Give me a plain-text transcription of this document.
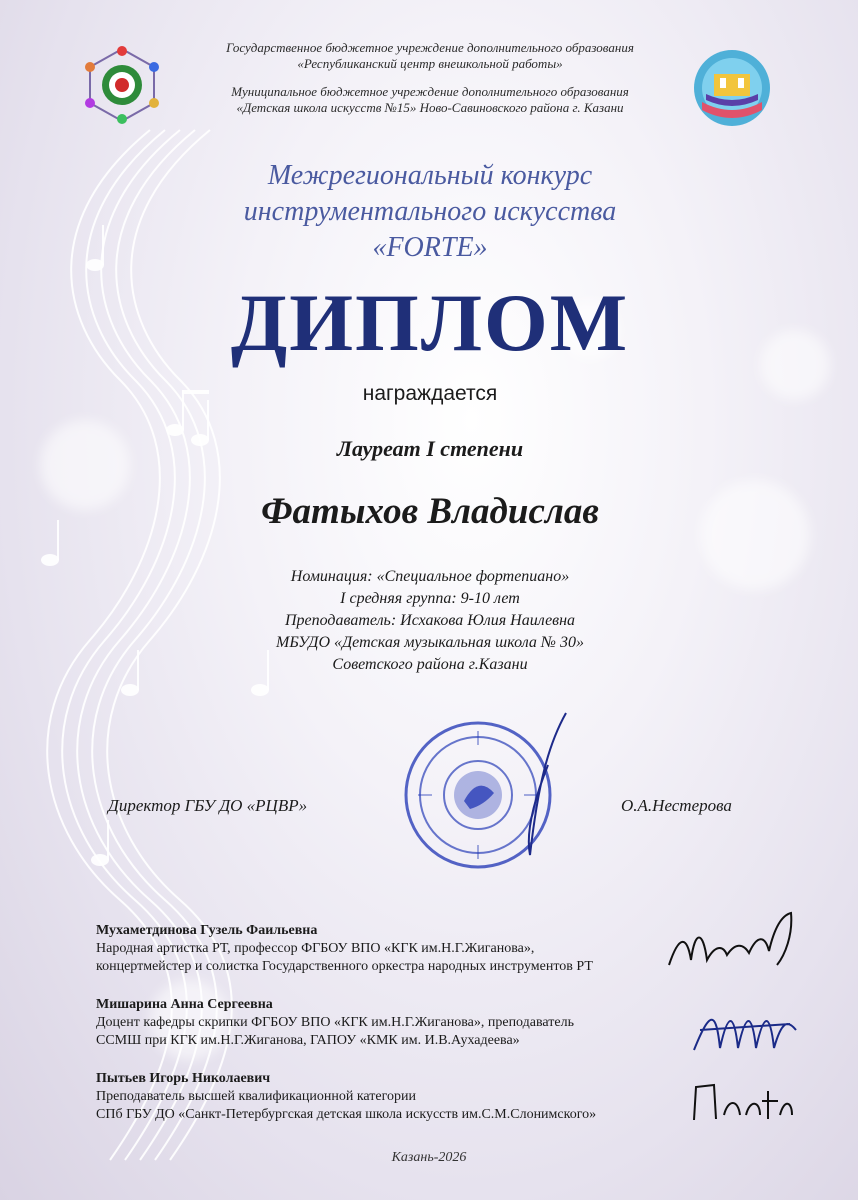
Государственное бюджетное учреждение дополнительного образования
«Республиканский центр внешкольной работы»
Муниципальное бюджетное учреждение дополнительного образования
«Детская школа искусств №15» Ново-Савиновского района г. Казани
Межрегиональный конкурс
инструментального искусства
«FORTE»
ДИПЛОМ
награждается
Лауреат I степени
Фатыхов Владислав
Номинация: «Специальное фортепиано»
I средняя группа: 9-10 лет
Преподаватель: Исхакова Юлия Наилевна
МБУДО «Детская музыкальная школа № 30»
Советского района г.Казани
Директор ГБУ ДО «РЦВР»	О.А.Нестерова
Мухаметдинова Гузель Фаильевна
Народная артистка РТ, профессор ФГБОУ ВПО «КГК им.Н.Г.Жиганова»,
концертмейстер и солистка Государственного оркестра народных инструментов РТ
Мишарина Анна Сергеевна
Доцент кафедры скрипки ФГБОУ ВПО «КГК им.Н.Г.Жиганова», преподаватель
ССМШ при КГК им.Н.Г.Жиганова, ГАПОУ «КМК им. И.В.Аухадеева»
Пытьев Игорь Николаевич
Преподаватель высшей квалификационной категории
СПб ГБУ ДО «Санкт-Петербургская детская школа искусств им.С.М.Слонимского»
Казань-2026
